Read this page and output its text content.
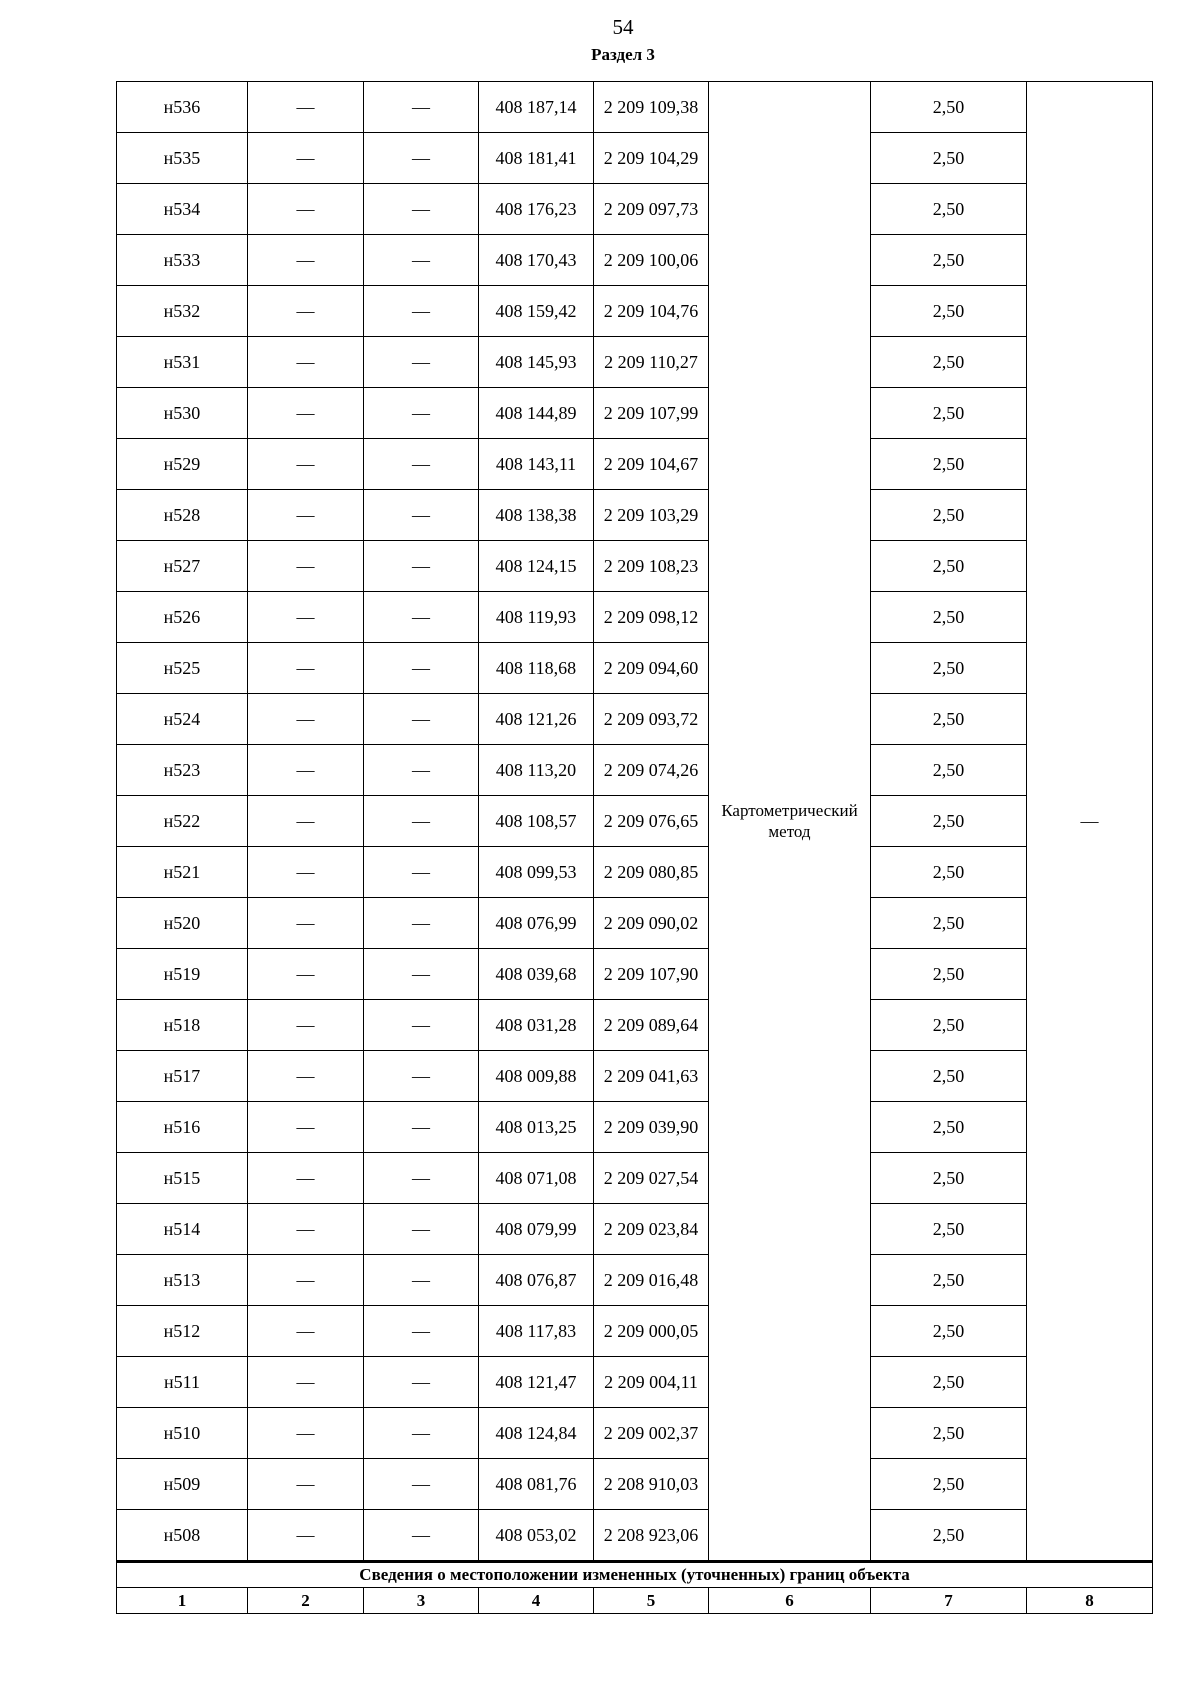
54
Раздел 3
н536	—	—	408 187,14	2 209 109,38	Картометрический метод	2,50	—
н535	—	—	408 181,41	2 209 104,29		2,50	
н534	—	—	408 176,23	2 209 097,73		2,50	
н533	—	—	408 170,43	2 209 100,06		2,50	
н532	—	—	408 159,42	2 209 104,76		2,50	
н531	—	—	408 145,93	2 209 110,27		2,50	
н530	—	—	408 144,89	2 209 107,99		2,50	
н529	—	—	408 143,11	2 209 104,67		2,50	
н528	—	—	408 138,38	2 209 103,29		2,50	
н527	—	—	408 124,15	2 209 108,23		2,50	
н526	—	—	408 119,93	2 209 098,12		2,50	
н525	—	—	408 118,68	2 209 094,60		2,50	
н524	—	—	408 121,26	2 209 093,72		2,50	
н523	—	—	408 113,20	2 209 074,26		2,50	
н522	—	—	408 108,57	2 209 076,65		2,50	
н521	—	—	408 099,53	2 209 080,85		2,50	
н520	—	—	408 076,99	2 209 090,02		2,50	
н519	—	—	408 039,68	2 209 107,90		2,50	
н518	—	—	408 031,28	2 209 089,64		2,50	
н517	—	—	408 009,88	2 209 041,63		2,50	
н516	—	—	408 013,25	2 209 039,90		2,50	
н515	—	—	408 071,08	2 209 027,54		2,50	
н514	—	—	408 079,99	2 209 023,84		2,50	
н513	—	—	408 076,87	2 209 016,48		2,50	
н512	—	—	408 117,83	2 209 000,05		2,50	
н511	—	—	408 121,47	2 209 004,11		2,50	
н510	—	—	408 124,84	2 209 002,37		2,50	
н509	—	—	408 081,76	2 208 910,03		2,50	
н508	—	—	408 053,02	2 208 923,06		2,50	
Сведения о местоположении измененных (уточненных) границ объекта							
1	2	3	4	5	6	7	8
